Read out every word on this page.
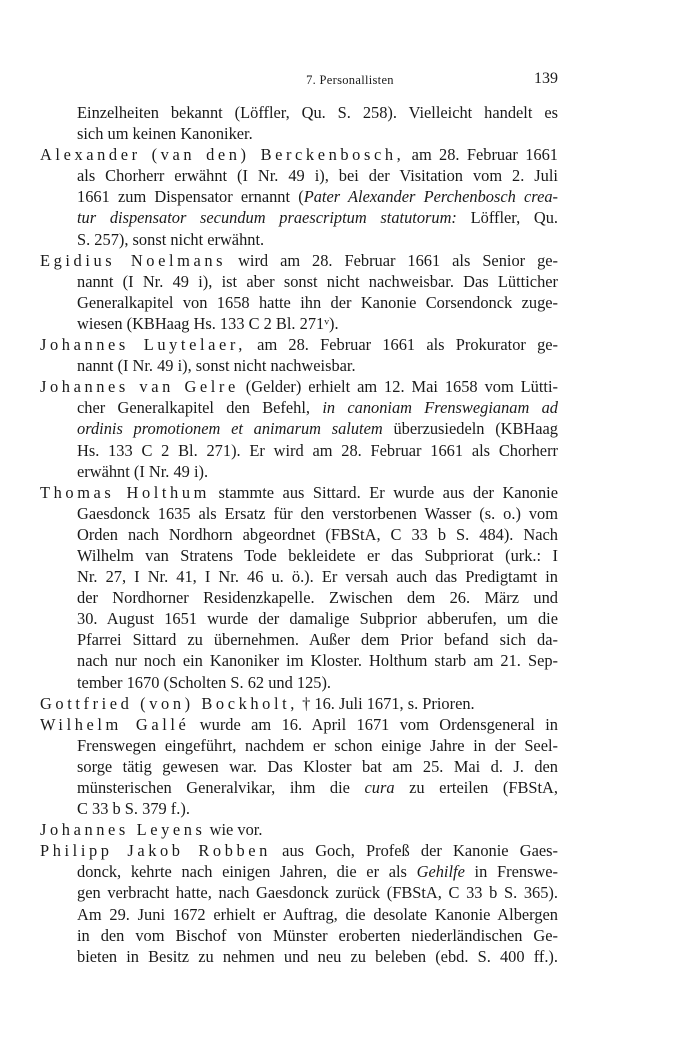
7. Personallisten	139

Einzelheiten bekannt (Löffler, Qu. S. 258). Vielleicht handelt es
sich um keinen Kanoniker.

Alexander (van den) Berckenbosch, am 28. Februar 1661
als Chorherr erwähnt (I Nr. 49 i), bei der Visitation vom 2. Juli
1661 zum Dispensator ernannt (Pater Alexander Perchenbosch crea-
tur dispensator secundum praescriptum statutorum: Löffler, Qu.
S. 257), sonst nicht erwähnt.

Egidius Noelmans wird am 28. Februar 1661 als Senior ge-
nannt (I Nr. 49 i), ist aber sonst nicht nachweisbar. Das Lütticher
Generalkapitel von 1658 hatte ihn der Kanonie Corsendonck zuge-
wiesen (KBHaag Hs. 133 C 2 Bl. 271ᵛ).

Johannes Luytelaer, am 28. Februar 1661 als Prokurator ge-
nannt (I Nr. 49 i), sonst nicht nachweisbar.

Johannes van Gelre (Gelder) erhielt am 12. Mai 1658 vom Lütti-
cher Generalkapitel den Befehl, in canoniam Frenswegianam ad
ordinis promotionem et animarum salutem überzusiedeln (KBHaag
Hs. 133 C 2 Bl. 271). Er wird am 28. Februar 1661 als Chorherr
erwähnt (I Nr. 49 i).

Thomas Holthum stammte aus Sittard. Er wurde aus der Kanonie
Gaesdonck 1635 als Ersatz für den verstorbenen Wasser (s. o.) vom
Orden nach Nordhorn abgeordnet (FBStA, C 33 b S. 484). Nach
Wilhelm van Stratens Tode bekleidete er das Subpriorat (urk.: I
Nr. 27, I Nr. 41, I Nr. 46 u. ö.). Er versah auch das Predigtamt in
der Nordhorner Residenzkapelle. Zwischen dem 26. März und
30. August 1651 wurde der damalige Subprior abberufen, um die
Pfarrei Sittard zu übernehmen. Außer dem Prior befand sich da-
nach nur noch ein Kanoniker im Kloster. Holthum starb am 21. Sep-
tember 1670 (Scholten S. 62 und 125).

Gottfried (von) Bockholt, † 16. Juli 1671, s. Prioren.

Wilhelm Gallé wurde am 16. April 1671 vom Ordensgeneral in
Frenswegen eingeführt, nachdem er schon einige Jahre in der Seel-
sorge tätig gewesen war. Das Kloster bat am 25. Mai d. J. den
münsterischen Generalvikar, ihm die cura zu erteilen (FBStA,
C 33 b S. 379 f.).

Johannes Leyens wie vor.

Philipp Jakob Robben aus Goch, Profeß der Kanonie Gaes-
donck, kehrte nach einigen Jahren, die er als Gehilfe in Frenswe-
gen verbracht hatte, nach Gaesdonck zurück (FBStA, C 33 b S. 365).
Am 29. Juni 1672 erhielt er Auftrag, die desolate Kanonie Albergen
in den vom Bischof von Münster eroberten niederländischen Ge-
bieten in Besitz zu nehmen und neu zu beleben (ebd. S. 400 ff.).
